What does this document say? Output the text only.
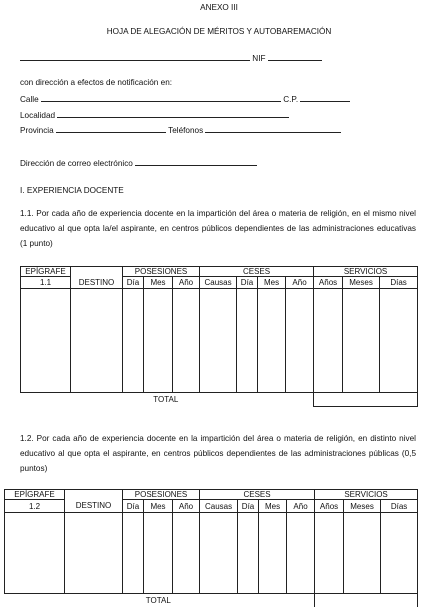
ANEXO III
HOJA DE ALEGACIÓN DE MÉRITOS Y AUTOBAREMACIÓN
NIF
con dirección a efectos de notificación en:
Calle	C.P.
Localidad
Provincia	Teléfonos
Dirección de correo electrónico
I. EXPERIENCIA DOCENTE
1.1. Por cada año de experiencia docente en la impartición del área o materia de religión, en el mismo nivel educativo al que opta la/el aspirante, en centros públicos dependientes de las administraciones educativas (1 punto)
EPÍGRAFE		POSESIONES			CESES				SERVICIOS		
1.1	DESTINO	Día	Mes	Año	Causas	Día	Mes	Año	Años	Meses	Días

TOTAL											
1.2. Por cada año de experiencia docente en la impartición del área o materia de religión, en distinto nivel educativo al que opta el aspirante, en centros públicos dependientes de las administraciones públicas (0,5 puntos)
EPÍGRAFE		POSESIONES			CESES				SERVICIOS		
1.2	DESTINO	Día	Mes	Año	Causas	Día	Mes	Año	Años	Meses	Días

TOTAL											
